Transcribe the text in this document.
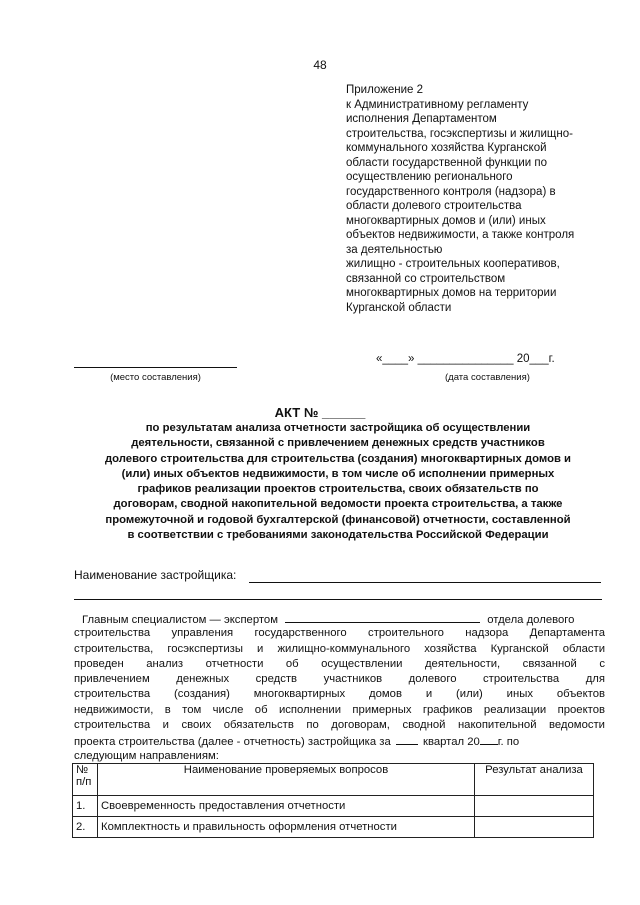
48
Приложение 2
к Административному регламенту
исполнения Департаментом
строительства, госэкспертизы и жилищно-
коммунального хозяйства Курганской
области государственной функции по
осуществлению регионального
государственного контроля (надзора) в
области долевого строительства
многоквартирных домов и (или) иных
объектов недвижимости, а также контроля
за деятельностью
жилищно - строительных кооперативов,
связанной со строительством
многоквартирных домов на территории
Курганской области
(место составления)
«____» _______________ 20___г.
(дата составления)
АКТ № ______
по результатам анализа отчетности застройщика об осуществлении
деятельности, связанной с привлечением денежных средств участников
долевого строительства для строительства (создания) многоквартирных домов и
(или) иных объектов недвижимости, в том числе об исполнении примерных
графиков реализации проектов строительства, своих обязательств по
договорам, сводной накопительной ведомости проекта строительства, а также
промежуточной и годовой бухгалтерской (финансовой) отчетности, составленной
в соответствии с требованиями законодательства Российской Федерации
Наименование застройщика:
Главным специалистом — экспертом	отдела долевого
строительства управления государственного строительного надзора Департамента
строительства, госэкспертизы и жилищно-коммунального хозяйства Курганской области
проведен анализ отчетности об осуществлении деятельности, связанной с
привлечением денежных средств участников долевого строительства для
строительства (создания) многоквартирных домов и (или) иных объектов
недвижимости, в том числе об исполнении примерных графиков реализации проектов
строительства и своих обязательств по договорам, сводной накопительной ведомости
проекта строительства (далее - отчетность) застройщика за	квартал 20 г. по
следующим направлениям:
№ п/п	Наименование проверяемых вопросов	Результат анализа
1.	Своевременность предоставления отчетности	
2.	Комплектность и правильность оформления отчетности	
